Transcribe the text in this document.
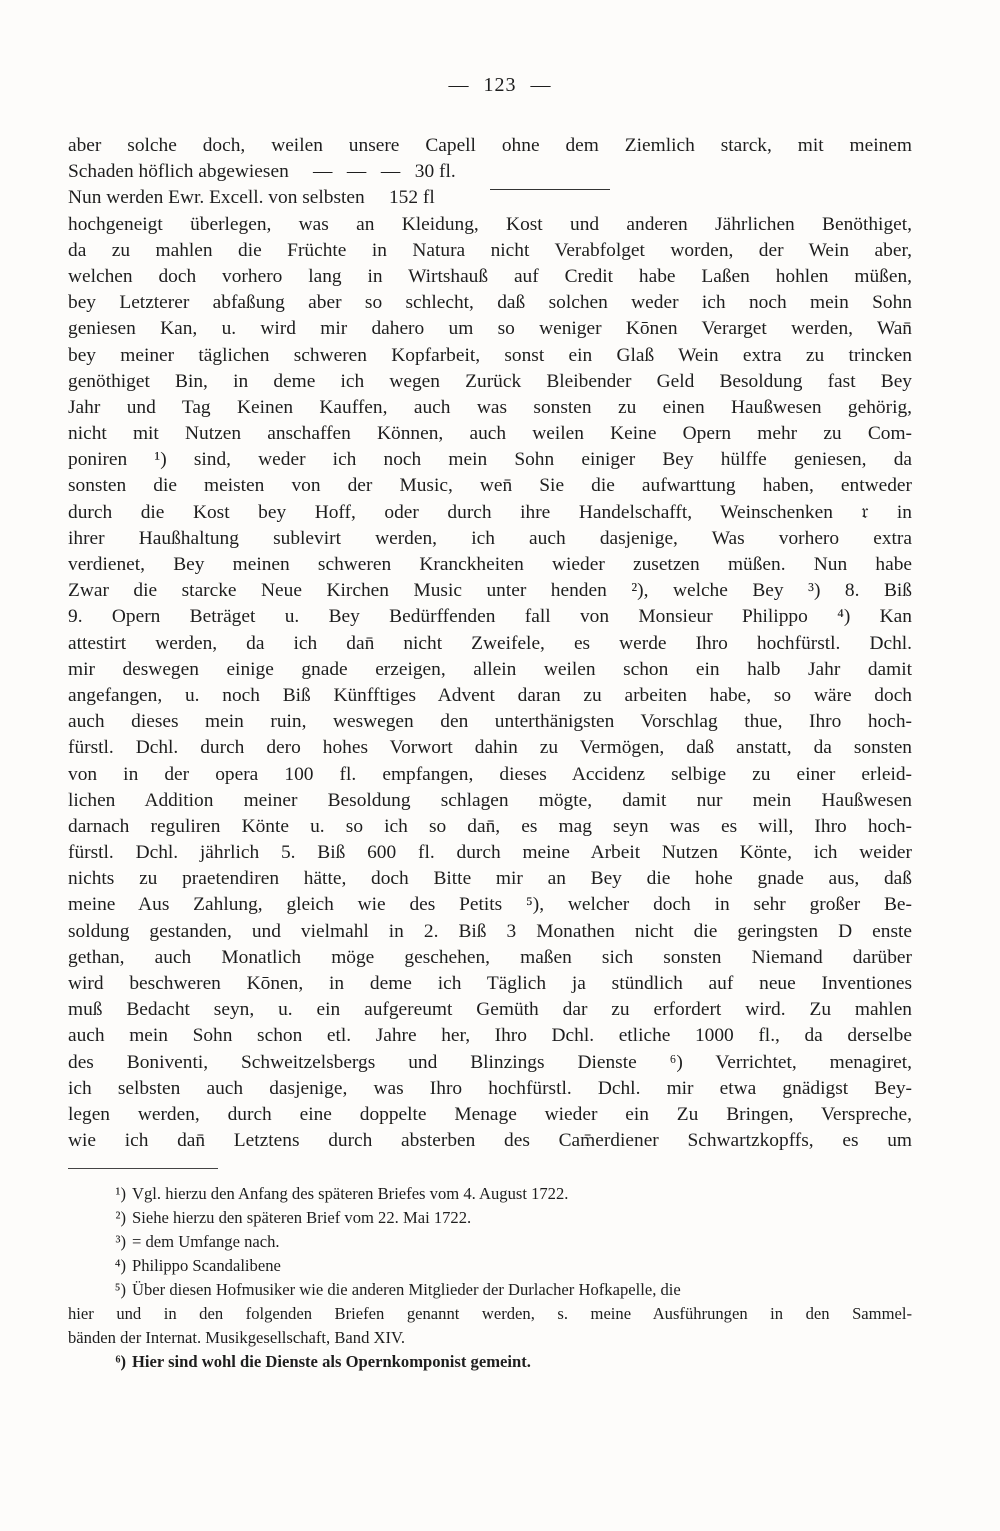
— 123 —
aber solche doch, weilen unsere Capell ohne dem Ziemlich starck, mit meinem
Schaden höflich abgewiesen     —   —   —   30 fl.
Nun werden Ewr. Excell. von selbsten     152 fl
hochgeneigt überlegen, was an Kleidung, Kost und anderen Jährlichen Benöthiget,
da zu mahlen die Früchte in Natura nicht Verabfolget worden, der Wein aber,
welchen doch vorhero lang in Wirtshauß auf Credit habe Laßen hohlen müßen,
bey Letzterer abfaßung aber so schlecht, daß solchen weder ich noch mein Sohn
geniesen Kan, u. wird mir dahero um so weniger Kōnen Verarget werden, Wan̄
bey meiner täglichen schweren Kopfarbeit, sonst ein Glaß Wein extra zu trincken
genöthiget Bin, in deme ich wegen Zurück Bleibender Geld Besoldung fast Bey
Jahr und Tag Keinen Kauffen, auch was sonsten zu einen Haußwesen gehörig,
nicht mit Nutzen anschaffen Können, auch weilen Keine Opern mehr zu Com-
poniren ¹) sind, weder ich noch mein Sohn einiger Bey hülffe geniesen, da
sonsten die meisten von der Music, wen̄ Sie die aufwarttung haben, entweder
durch die Kost bey Hoff, oder durch ihre Handelschafft, Weinschenken 𝔯 in
ihrer Haußhaltung sublevirt werden, ich auch dasjenige, Was vorhero extra
verdienet, Bey meinen schweren Kranckheiten wieder zusetzen müßen. Nun habe
Zwar die starcke Neue Kirchen Music unter henden ²), welche Bey ³) 8. Biß
9. Opern Beträget u. Bey Bedürffenden fall von Monsieur Philippo ⁴) Kan
attestirt werden, da ich dan̄ nicht Zweifele, es werde Ihro hochfürstl. Dchl.
mir deswegen einige gnade erzeigen, allein weilen schon ein halb Jahr damit
angefangen, u. noch Biß Künfftiges Advent daran zu arbeiten habe, so wäre doch
auch dieses mein ruin, weswegen den unterthänigsten Vorschlag thue, Ihro hoch-
fürstl. Dchl. durch dero hohes Vorwort dahin zu Vermögen, daß anstatt, da sonsten
von in der opera 100 fl. empfangen, dieses Accidenz selbige zu einer erleid-
lichen Addition meiner Besoldung schlagen mögte, damit nur mein Haußwesen
darnach reguliren Könte u. so ich so dan̄, es mag seyn was es will, Ihro hoch-
fürstl. Dchl. jährlich 5. Biß 600 fl. durch meine Arbeit Nutzen Könte, ich weider
nichts zu praetendiren hätte, doch Bitte mir an Bey die hohe gnade aus, daß
meine Aus Zahlung, gleich wie des Petits ⁵), welcher doch in sehr großer Be-
soldung gestanden, und vielmahl in 2. Biß 3 Monathen nicht die geringsten D enste
gethan, auch Monatlich möge geschehen, maßen sich sonsten Niemand darüber
wird beschweren Kōnen, in deme ich Täglich ja stündlich auf neue Inventiones
muß Bedacht seyn, u. ein aufgereumt Gemüth dar zu erfordert wird. Zu mahlen
auch mein Sohn schon etl. Jahre her, Ihro Dchl. etliche 1000 fl., da derselbe
des Boniventi, Schweitzelsbergs und Blinzings Dienste ⁶) Verrichtet, menagiret,
ich selbsten auch dasjenige, was Ihro hochfürstl. Dchl. mir etwa gnädigst Bey-
legen werden, durch eine doppelte Menage wieder ein Zu Bringen, Verspreche,
wie ich dan̄ Letztens durch absterben des Cam̄erdiener Schwartzkopffs, es um
¹) Vgl. hierzu den Anfang des späteren Briefes vom 4. August 1722.
²) Siehe hierzu den späteren Brief vom 22. Mai 1722.
³) = dem Umfange nach.
⁴) Philippo Scandalibene
⁵) Über diesen Hofmusiker wie die anderen Mitglieder der Durlacher Hofkapelle, die
hier und in den folgenden Briefen genannt werden, s. meine Ausführungen in den Sammel-
bänden der Internat. Musikgesellschaft, Band XIV.
⁶) Hier sind wohl die Dienste als Opernkomponist gemeint.
